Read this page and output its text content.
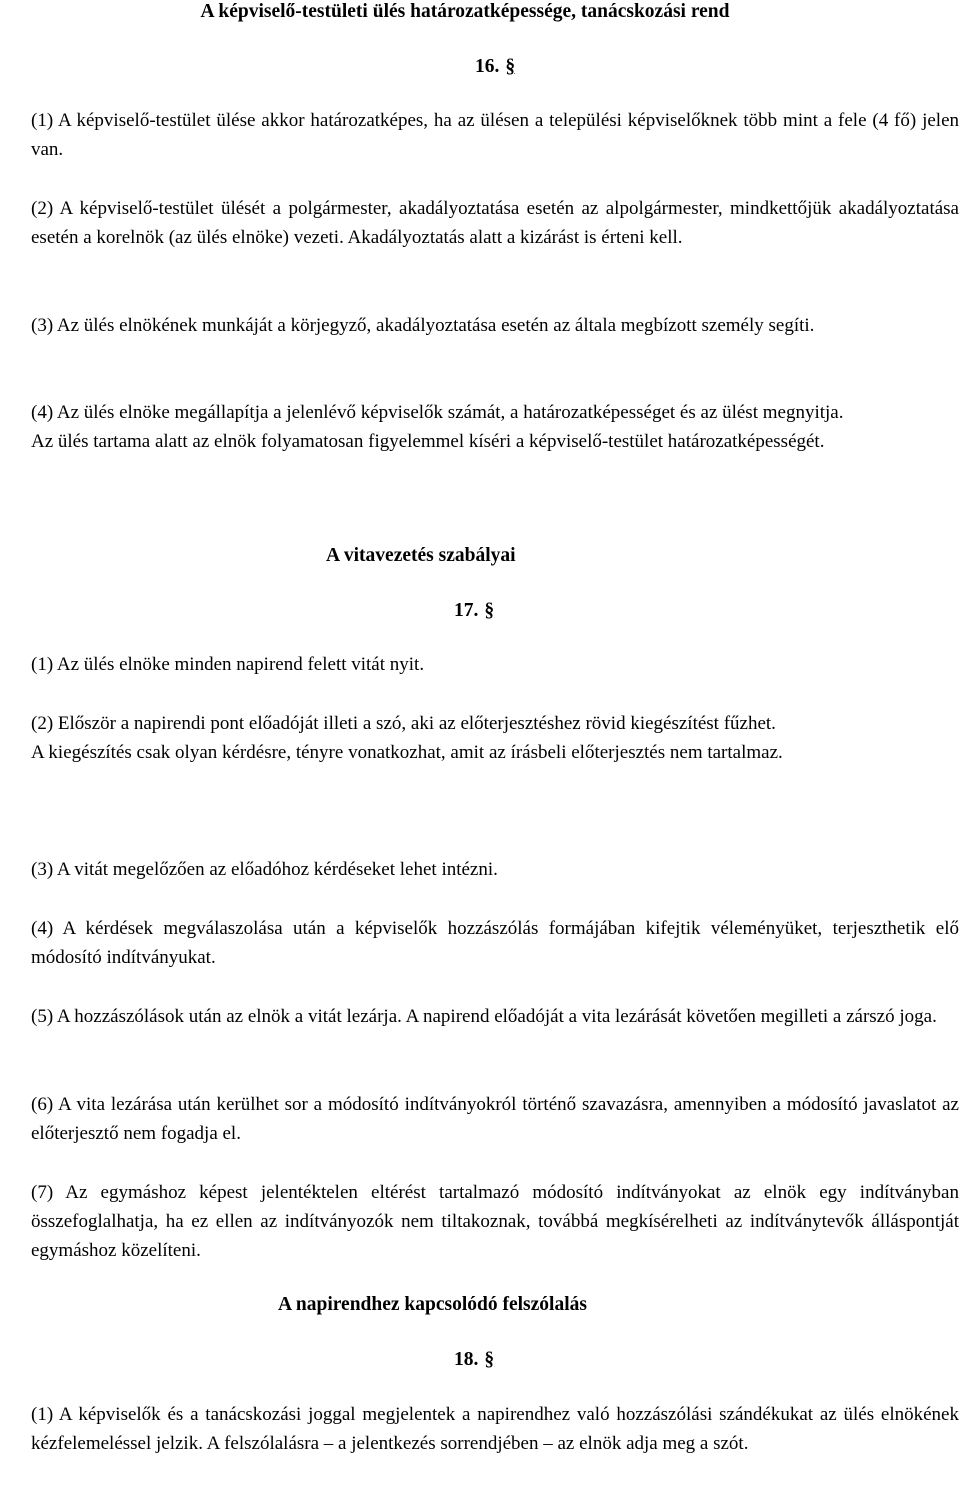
A képviselő-testületi ülés határozatképessége, tanácskozási rend
16. §

(1) A képviselő-testület ülése akkor határozatképes, ha az ülésen a települési képviselőknek több mint a fele (4 fő) jelen van.

(2) A képviselő-testület ülését a polgármester, akadályoztatása esetén az alpolgármester, mindkettőjük akadályoztatása esetén a korelnök (az ülés elnöke) vezeti. Akadályoztatás alatt a kizárást is érteni kell.

(3) Az ülés elnökének munkáját a körjegyző, akadályoztatása esetén az általa megbízott személy segíti.

(4) Az ülés elnöke megállapítja a jelenlévő képviselők számát, a határozatképességet és az ülést megnyitja.

Az ülés tartama alatt az elnök folyamatosan figyelemmel kíséri a képviselő-testület határozatképességét.

A vitavezetés szabályai
17. §
(1) Az ülés elnöke minden napirend felett vitát nyit.

(2) Először a napirendi pont előadóját illeti a szó, aki az előterjesztéshez rövid kiegészítést fűzhet.

A kiegészítés csak olyan kérdésre, tényre vonatkozhat, amit az írásbeli előterjesztés nem tartalmaz.

(3) A vitát megelőzően az előadóhoz kérdéseket lehet intézni.

(4) A kérdések megválaszolása után a képviselők hozzászólás formájában kifejtik véleményüket, terjeszthetik elő módosító indítványukat.

(5) A hozzászólások után az elnök a vitát lezárja. A napirend előadóját a vita lezárását követően megilleti a zárszó joga.

(6) A vita lezárása után kerülhet sor a módosító indítványokról történő szavazásra, amennyiben a módosító javaslatot az előterjesztő nem fogadja el.

(7) Az egymáshoz képest jelentéktelen eltérést tartalmazó módosító indítványokat az elnök egy indítványban összefoglalhatja, ha ez ellen az indítványozók nem tiltakoznak, továbbá megkísérelheti az indítványtevők álláspontját egymáshoz közelíteni.

A napirendhez kapcsolódó felszólalás
18. §

(1) A képviselők és a tanácskozási joggal megjelentek a napirendhez való hozzászólási szándékukat az ülés elnökének kézfelemeléssel jelzik. A felszólalásra – a jelentkezés sorrendjében – az elnök adja meg a szót.
